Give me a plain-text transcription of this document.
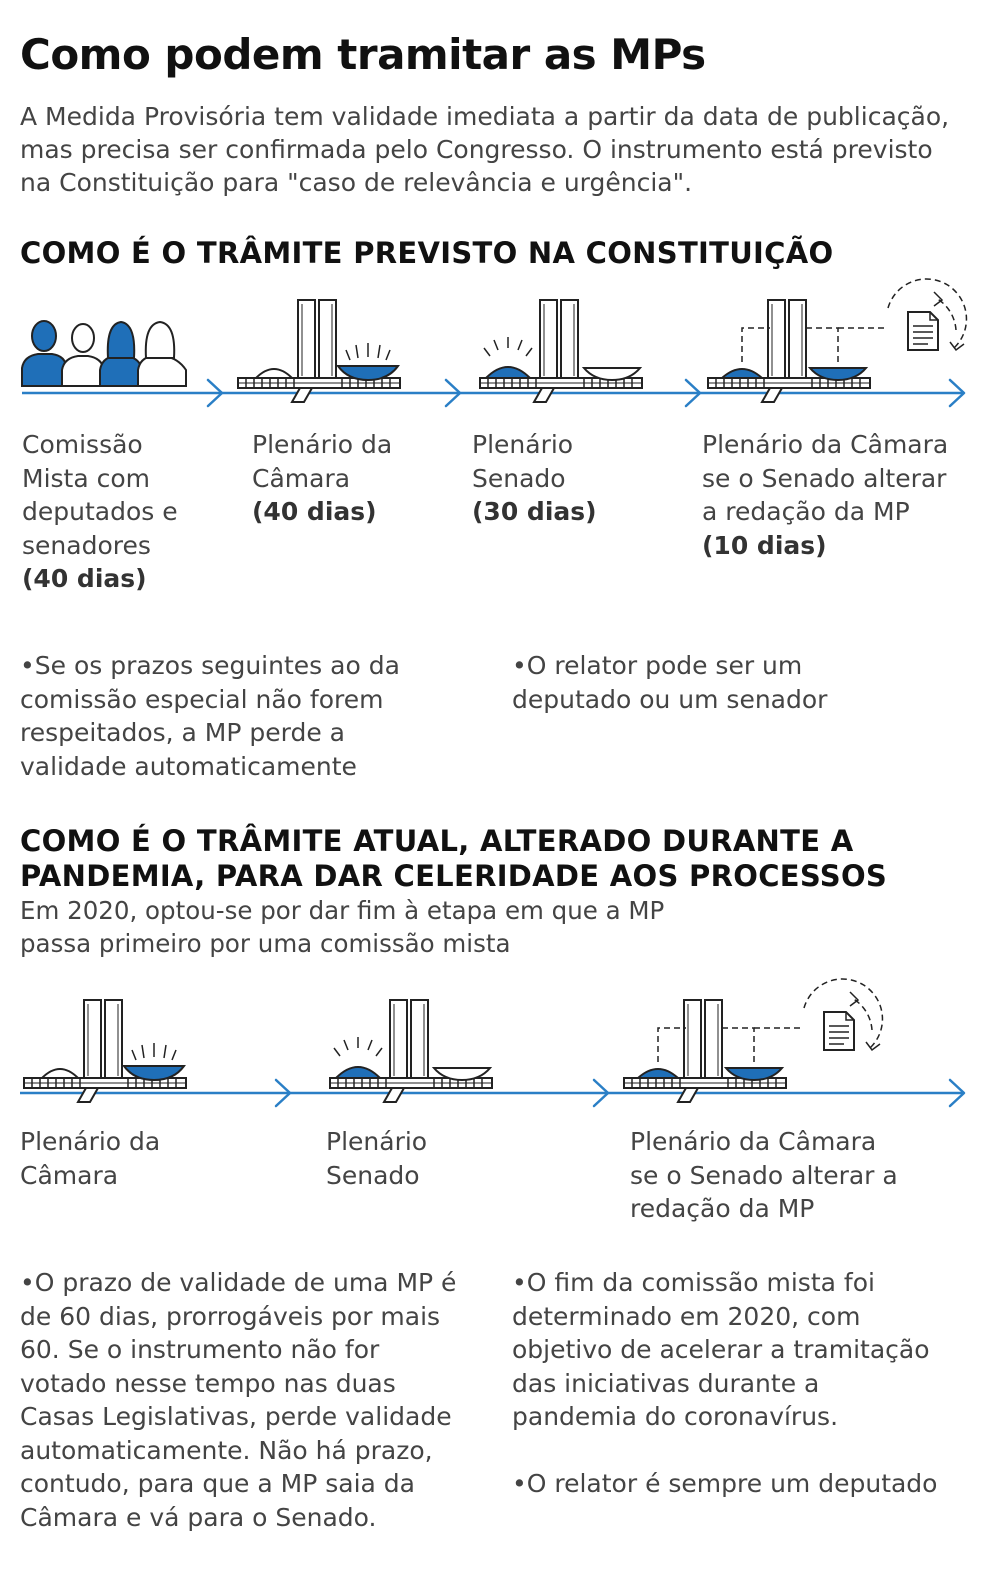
Como podem tramitar as MPs
A Medida Provisória tem validade imediata a partir da data de publicação, mas precisa ser confirmada pelo Congresso. O instrumento está previsto na Constituição para "caso de relevância e urgência".
COMO É O TRÂMITE PREVISTO NA CONSTITUIÇÃO
Comissão Mista com deputados e senadores
(40 dias)
Plenário da Câmara
(40 dias)
Plenário Senado
(30 dias)
Plenário da Câmara se o Senado alterar a redação da MP
(10 dias)
•Se os prazos seguintes ao da comissão especial não forem respeitados, a MP perde a validade automaticamente
•O relator pode ser um deputado ou um senador
COMO É O TRÂMITE ATUAL, ALTERADO DURANTE A
PANDEMIA, PARA DAR CELERIDADE AOS PROCESSOS
Em 2020, optou-se por dar fim à etapa em que a MP passa primeiro por uma comissão mista
Plenário da Câmara
Plenário Senado
Plenário da Câmara se o Senado alterar a redação da MP
•O prazo de validade de uma MP é de 60 dias, prorrogáveis por mais 60. Se o instrumento não for votado nesse tempo nas duas Casas Legislativas, perde validade automaticamente. Não há prazo, contudo, para que a MP saia da Câmara e vá para o Senado.

•O fim da comissão mista foi determinado em 2020, com objetivo de acelerar a tramitação das iniciativas durante a pandemia do coronavírus.

•O relator é sempre um deputado
